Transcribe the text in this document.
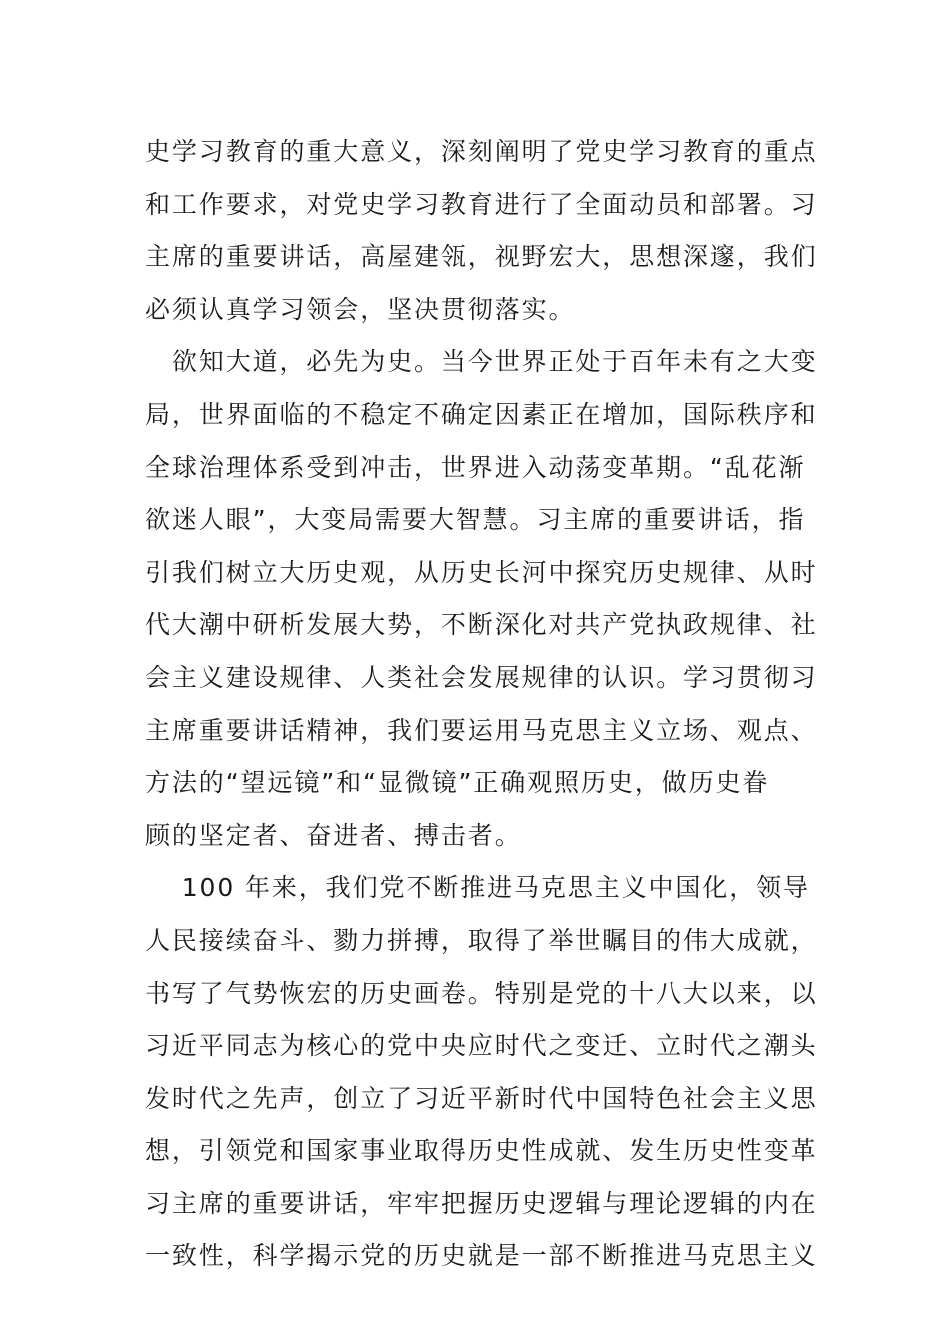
史学习教育的重大意义，深刻阐明了党史学习教育的重点
和工作要求，对党史学习教育进行了全面动员和部署。习
主席的重要讲话，高屋建瓴，视野宏大，思想深邃，我们
必须认真学习领会，坚决贯彻落实。
　欲知大道，必先为史。当今世界正处于百年未有之大变
局，世界面临的不稳定不确定因素正在增加，国际秩序和
全球治理体系受到冲击，世界进入动荡变革期。“乱花渐
欲迷人眼”，大变局需要大智慧。习主席的重要讲话，指
引我们树立大历史观，从历史长河中探究历史规律、从时
代大潮中研析发展大势，不断深化对共产党执政规律、社
会主义建设规律、人类社会发展规律的认识。学习贯彻习
主席重要讲话精神，我们要运用马克思主义立场、观点、
方法的“望远镜”和“显微镜”正确观照历史，做历史眷
顾的坚定者、奋进者、搏击者。
　 100 年来，我们党不断推进马克思主义中国化，领导
人民接续奋斗、勠力拼搏，取得了举世瞩目的伟大成就，
书写了气势恢宏的历史画卷。特别是党的十八大以来，以
习近平同志为核心的党中央应时代之变迁、立时代之潮头
发时代之先声，创立了习近平新时代中国特色社会主义思
想，引领党和国家事业取得历史性成就、发生历史性变革
习主席的重要讲话，牢牢把握历史逻辑与理论逻辑的内在
一致性，科学揭示党的历史就是一部不断推进马克思主义
